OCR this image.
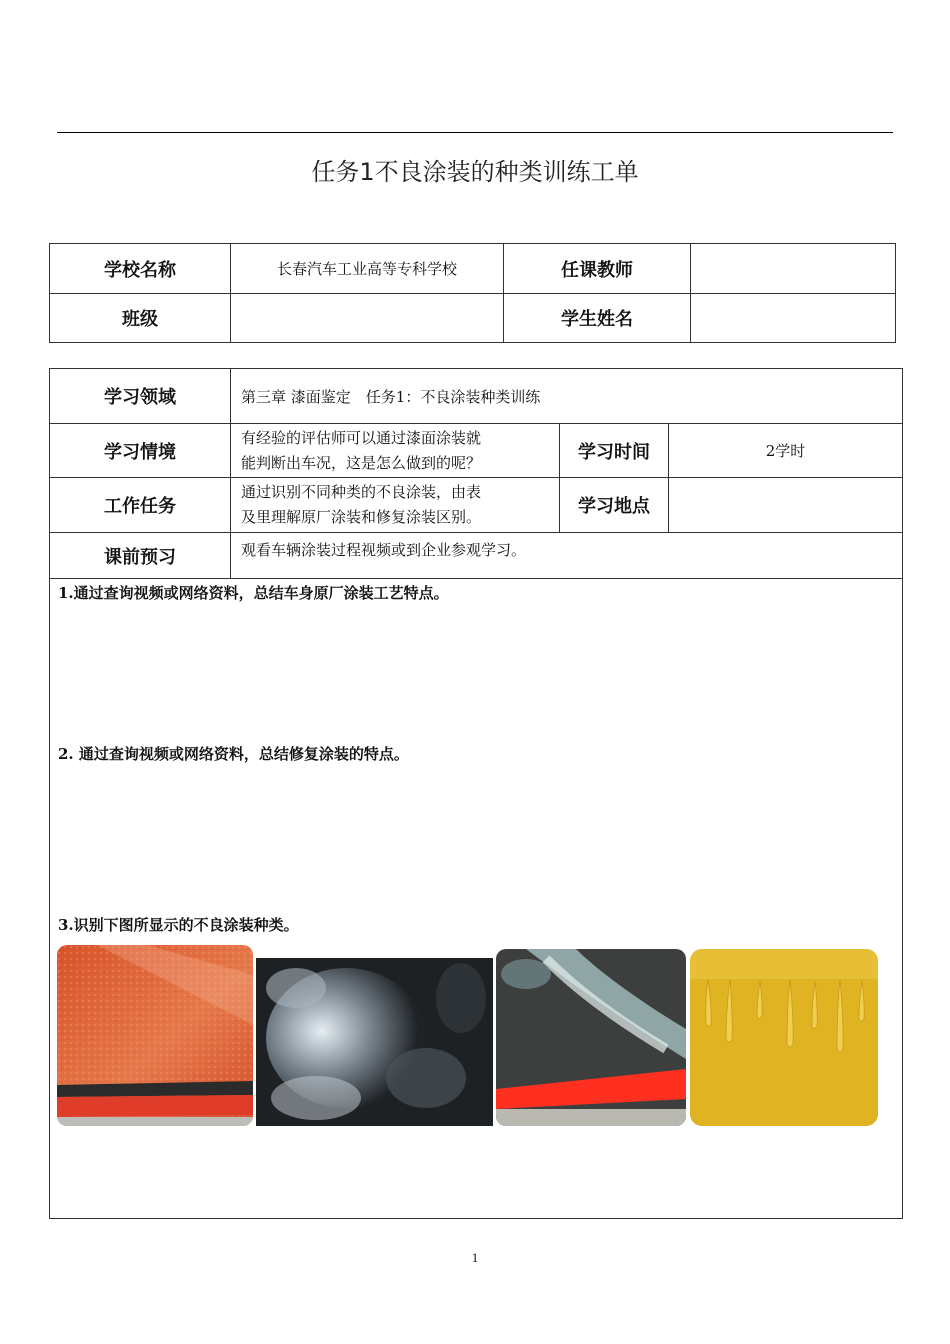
任务1不良涂装的种类训练工单
学校名称	长春汽车工业高等专科学校	任课教师	
班级		学生姓名	
学习领域	第三章 漆面鉴定　任务1：不良涂装种类训练		
学习情境	有经验的评估师可以通过漆面涂装就
能判断出车况，这是怎么做到的呢？	学习时间	2学时
工作任务	通过识别不同种类的不良涂装，由表
及里理解原厂涂装和修复涂装区别。	学习地点	
课前预习	观看车辆涂装过程视频或到企业参观学习。		

1.通过查询视频或网络资料，总结车身原厂涂装工艺特点。
2. 通过查询视频或网络资料，总结修复涂装的特点。
3.识别下图所显示的不良涂装种类。
1
